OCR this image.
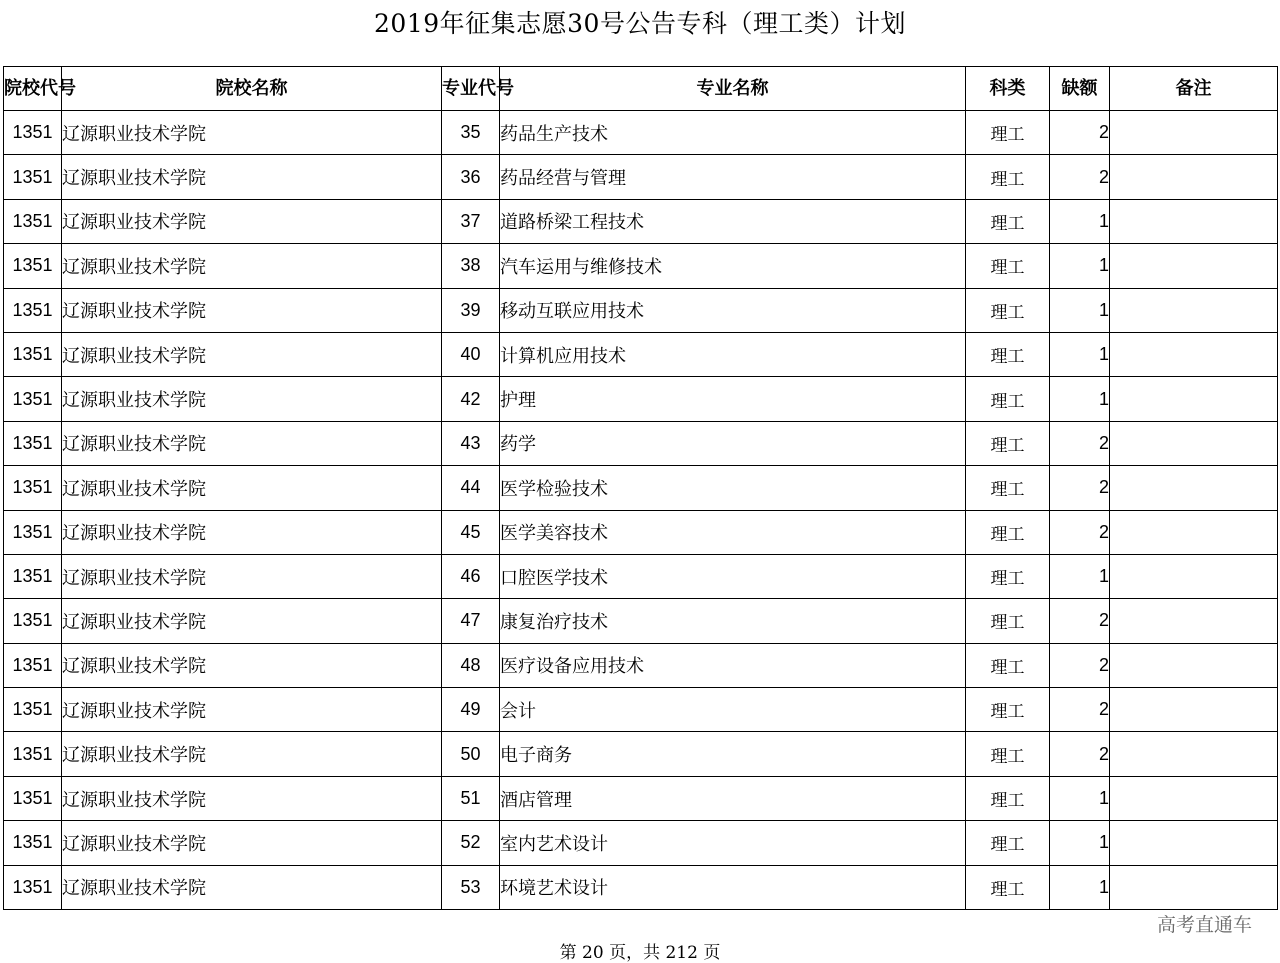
2019年征集志愿30号公告专科（理工类）计划
院校代号	院校名称	专业代号	专业名称	科类	缺额	备注
1351	辽源职业技术学院	35	药品生产技术	理工	2	
1351	辽源职业技术学院	36	药品经营与管理	理工	2	
1351	辽源职业技术学院	37	道路桥梁工程技术	理工	1	
1351	辽源职业技术学院	38	汽车运用与维修技术	理工	1	
1351	辽源职业技术学院	39	移动互联应用技术	理工	1	
1351	辽源职业技术学院	40	计算机应用技术	理工	1	
1351	辽源职业技术学院	42	护理	理工	1	
1351	辽源职业技术学院	43	药学	理工	2	
1351	辽源职业技术学院	44	医学检验技术	理工	2	
1351	辽源职业技术学院	45	医学美容技术	理工	2	
1351	辽源职业技术学院	46	口腔医学技术	理工	1	
1351	辽源职业技术学院	47	康复治疗技术	理工	2	
1351	辽源职业技术学院	48	医疗设备应用技术	理工	2	
1351	辽源职业技术学院	49	会计	理工	2	
1351	辽源职业技术学院	50	电子商务	理工	2	
1351	辽源职业技术学院	51	酒店管理	理工	1	
1351	辽源职业技术学院	52	室内艺术设计	理工	1	
1351	辽源职业技术学院	53	环境艺术设计	理工	1	
高考直通车
第 20 页，共 212 页
